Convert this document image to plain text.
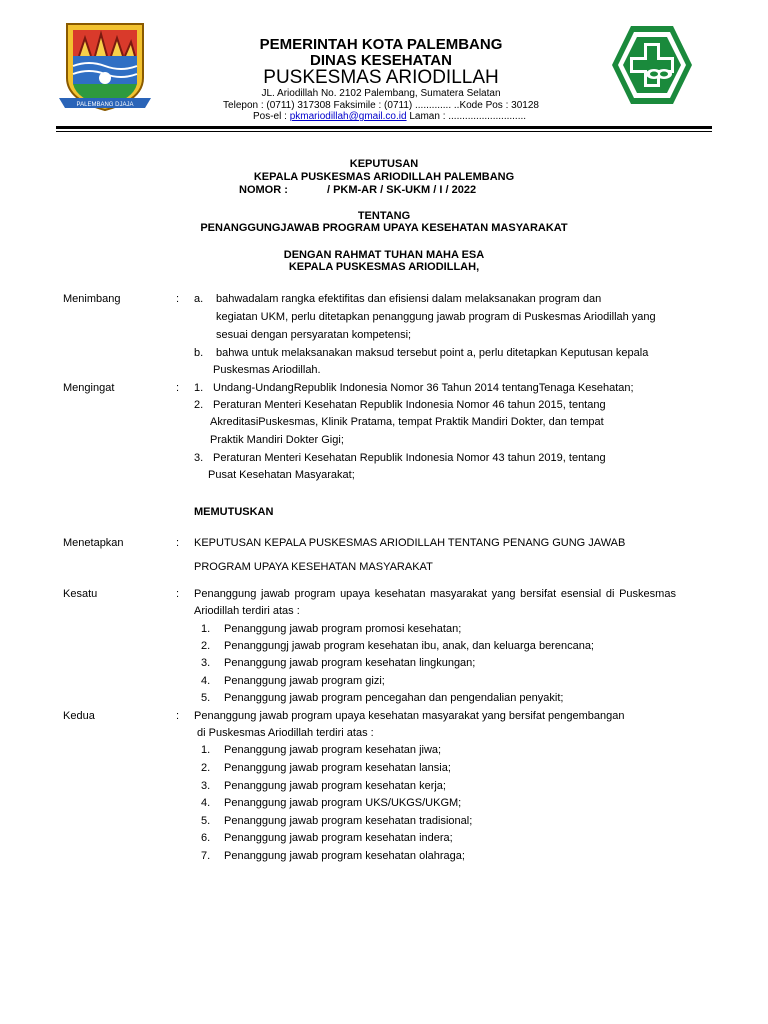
PALEMBANG DJAJA
PEMERINTAH KOTA PALEMBANG
DINAS KESEHATAN
PUSKESMAS ARIODILLAH
JL. Ariodillah No. 2102 Palembang, Sumatera Selatan
Telepon : (0711) 317308 Faksimile : (0711) ............. ..Kode Pos : 30128
Pos-el : pkmariodillah@gmail.co.id Laman : ............................
KEPUTUSAN
KEPALA PUSKESMAS ARIODILLAH PALEMBANG
NOMOR :	/ PKM-AR / SK-UKM / I / 2022
TENTANG
PENANGGUNGJAWAB PROGRAM UPAYA KESEHATAN MASYARAKAT
DENGAN RAHMAT TUHAN MAHA ESA
KEPALA PUSKESMAS ARIODILLAH,
Menimbang	: a. bahwadalam rangka efektifitas dan efisiensi dalam melaksanakan program dan
kegiatan UKM, perlu ditetapkan penanggung jawab program di Puskesmas Ariodillah yang
sesuai dengan persyaratan kompetensi;
b. bahwa untuk melaksanakan maksud tersebut point a, perlu ditetapkan Keputusan kepala
Puskesmas Ariodillah.
Mengingat	: 1. Undang-UndangRepublik Indonesia Nomor 36 Tahun 2014 tentangTenaga Kesehatan;
2. Peraturan Menteri Kesehatan Republik Indonesia Nomor 46 tahun 2015, tentang
AkreditasiPuskesmas, Klinik Pratama, tempat Praktik Mandiri Dokter, dan tempat
Praktik Mandiri Dokter Gigi;
3. Peraturan Menteri Kesehatan Republik Indonesia Nomor 43 tahun 2019, tentang
Pusat Kesehatan Masyarakat;
MEMUTUSKAN
Menetapkan	: KEPUTUSAN KEPALA PUSKESMAS ARIODILLAH TENTANG PENANG GUNG JAWAB
PROGRAM UPAYA KESEHATAN MASYARAKAT
Kesatu	: Penanggung jawab program upaya kesehatan masyarakat yang bersifat esensial di Puskesmas
Ariodillah terdiri atas :
1. Penanggung jawab program promosi kesehatan;
2. Penanggungj jawab program kesehatan ibu, anak, dan keluarga berencana;
3. Penanggung jawab program kesehatan lingkungan;
4. Penanggung jawab program gizi;
5. Penanggung jawab program pencegahan dan pengendalian penyakit;
Kedua	: Penanggung jawab program upaya kesehatan masyarakat yang bersifat pengembangan
di Puskesmas Ariodillah terdiri atas :
1. Penanggung jawab program kesehatan jiwa;
2. Penanggung jawab program kesehatan lansia;
3. Penanggung jawab program kesehatan kerja;
4. Penanggung jawab program UKS/UKGS/UKGM;
5. Penanggung jawab program kesehatan tradisional;
6. Penanggung jawab program kesehatan indera;
7. Penanggung jawab program kesehatan olahraga;
